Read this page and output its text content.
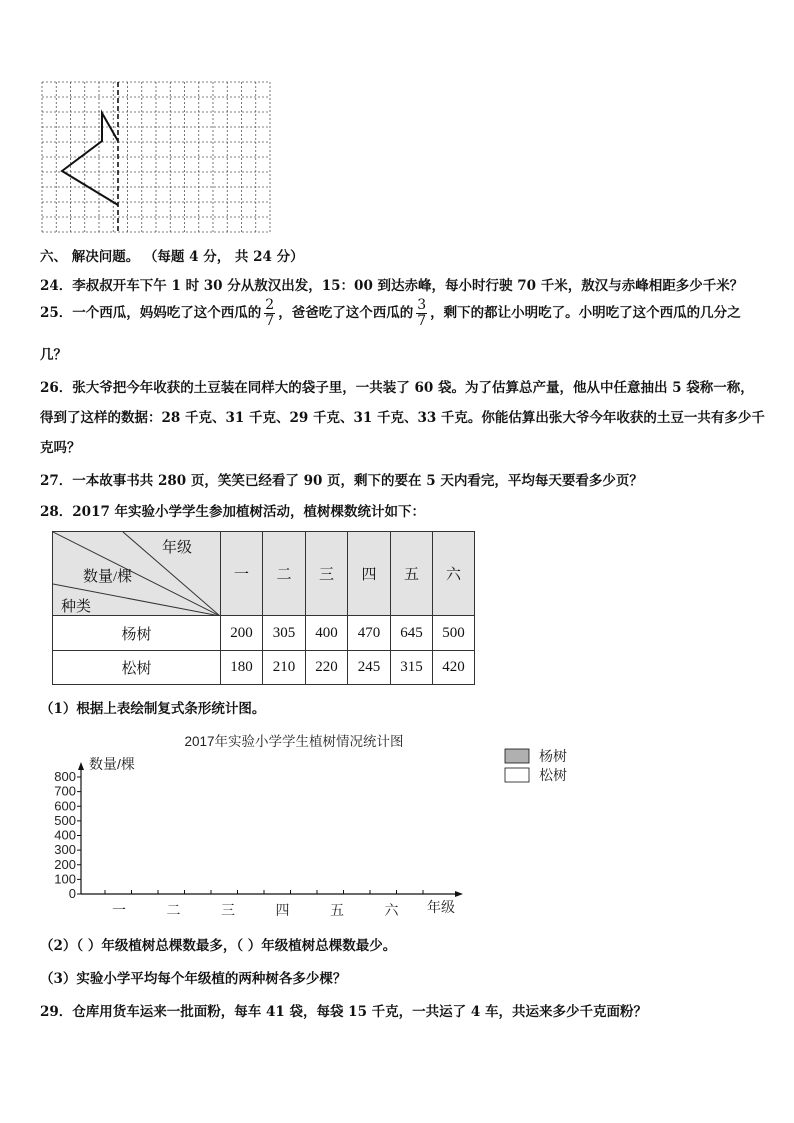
六、 解决问题。 （每题 4 分， 共 24 分）
24．李叔叔开车下午 1 时 30 分从敖汉出发，15：00 到达赤峰，每小时行驶 70 千米，敖汉与赤峰相距多少千米？
25．一个西瓜，妈妈吃了这个西瓜的 $\frac{2}{7}$ ，爸爸吃了这个西瓜的 $\frac{3}{7}$ ，剩下的都让小明吃了。小明吃了这个西瓜的几分之
几？
26．张大爷把今年收获的土豆装在同样大的袋子里，一共装了 60 袋。为了估算总产量，他从中任意抽出 5 袋称一称，
得到了这样的数据：28 千克、31 千克、29 千克、31 千克、33 千克。你能估算出张大爷今年收获的土豆一共有多少千
克吗？
27．一本故事书共 280 页，笑笑已经看了 90 页，剩下的要在 5 天内看完，平均每天要看多少页？
28．2017 年实验小学学生参加植树活动，植树棵数统计如下：
年级
数量/棵
种类	一	二	三	四	五	六
杨树	200	305	400	470	645	500
松树	180	210	220	245	315	420
（1）根据上表绘制复式条形统计图。
2017年实验小学学生植树情况统计图
数量/棵
0
100
200
300
400
500
600
700
800
一	二	三	四	五	六 年级
杨树
松树
（2）（ ）年级植树总棵数最多，（ ）年级植树总棵数最少。
（3）实验小学平均每个年级植的两种树各多少棵？
29．仓库用货车运来一批面粉，每车 41 袋，每袋 15 千克，一共运了 4 车，共运来多少千克面粉？
